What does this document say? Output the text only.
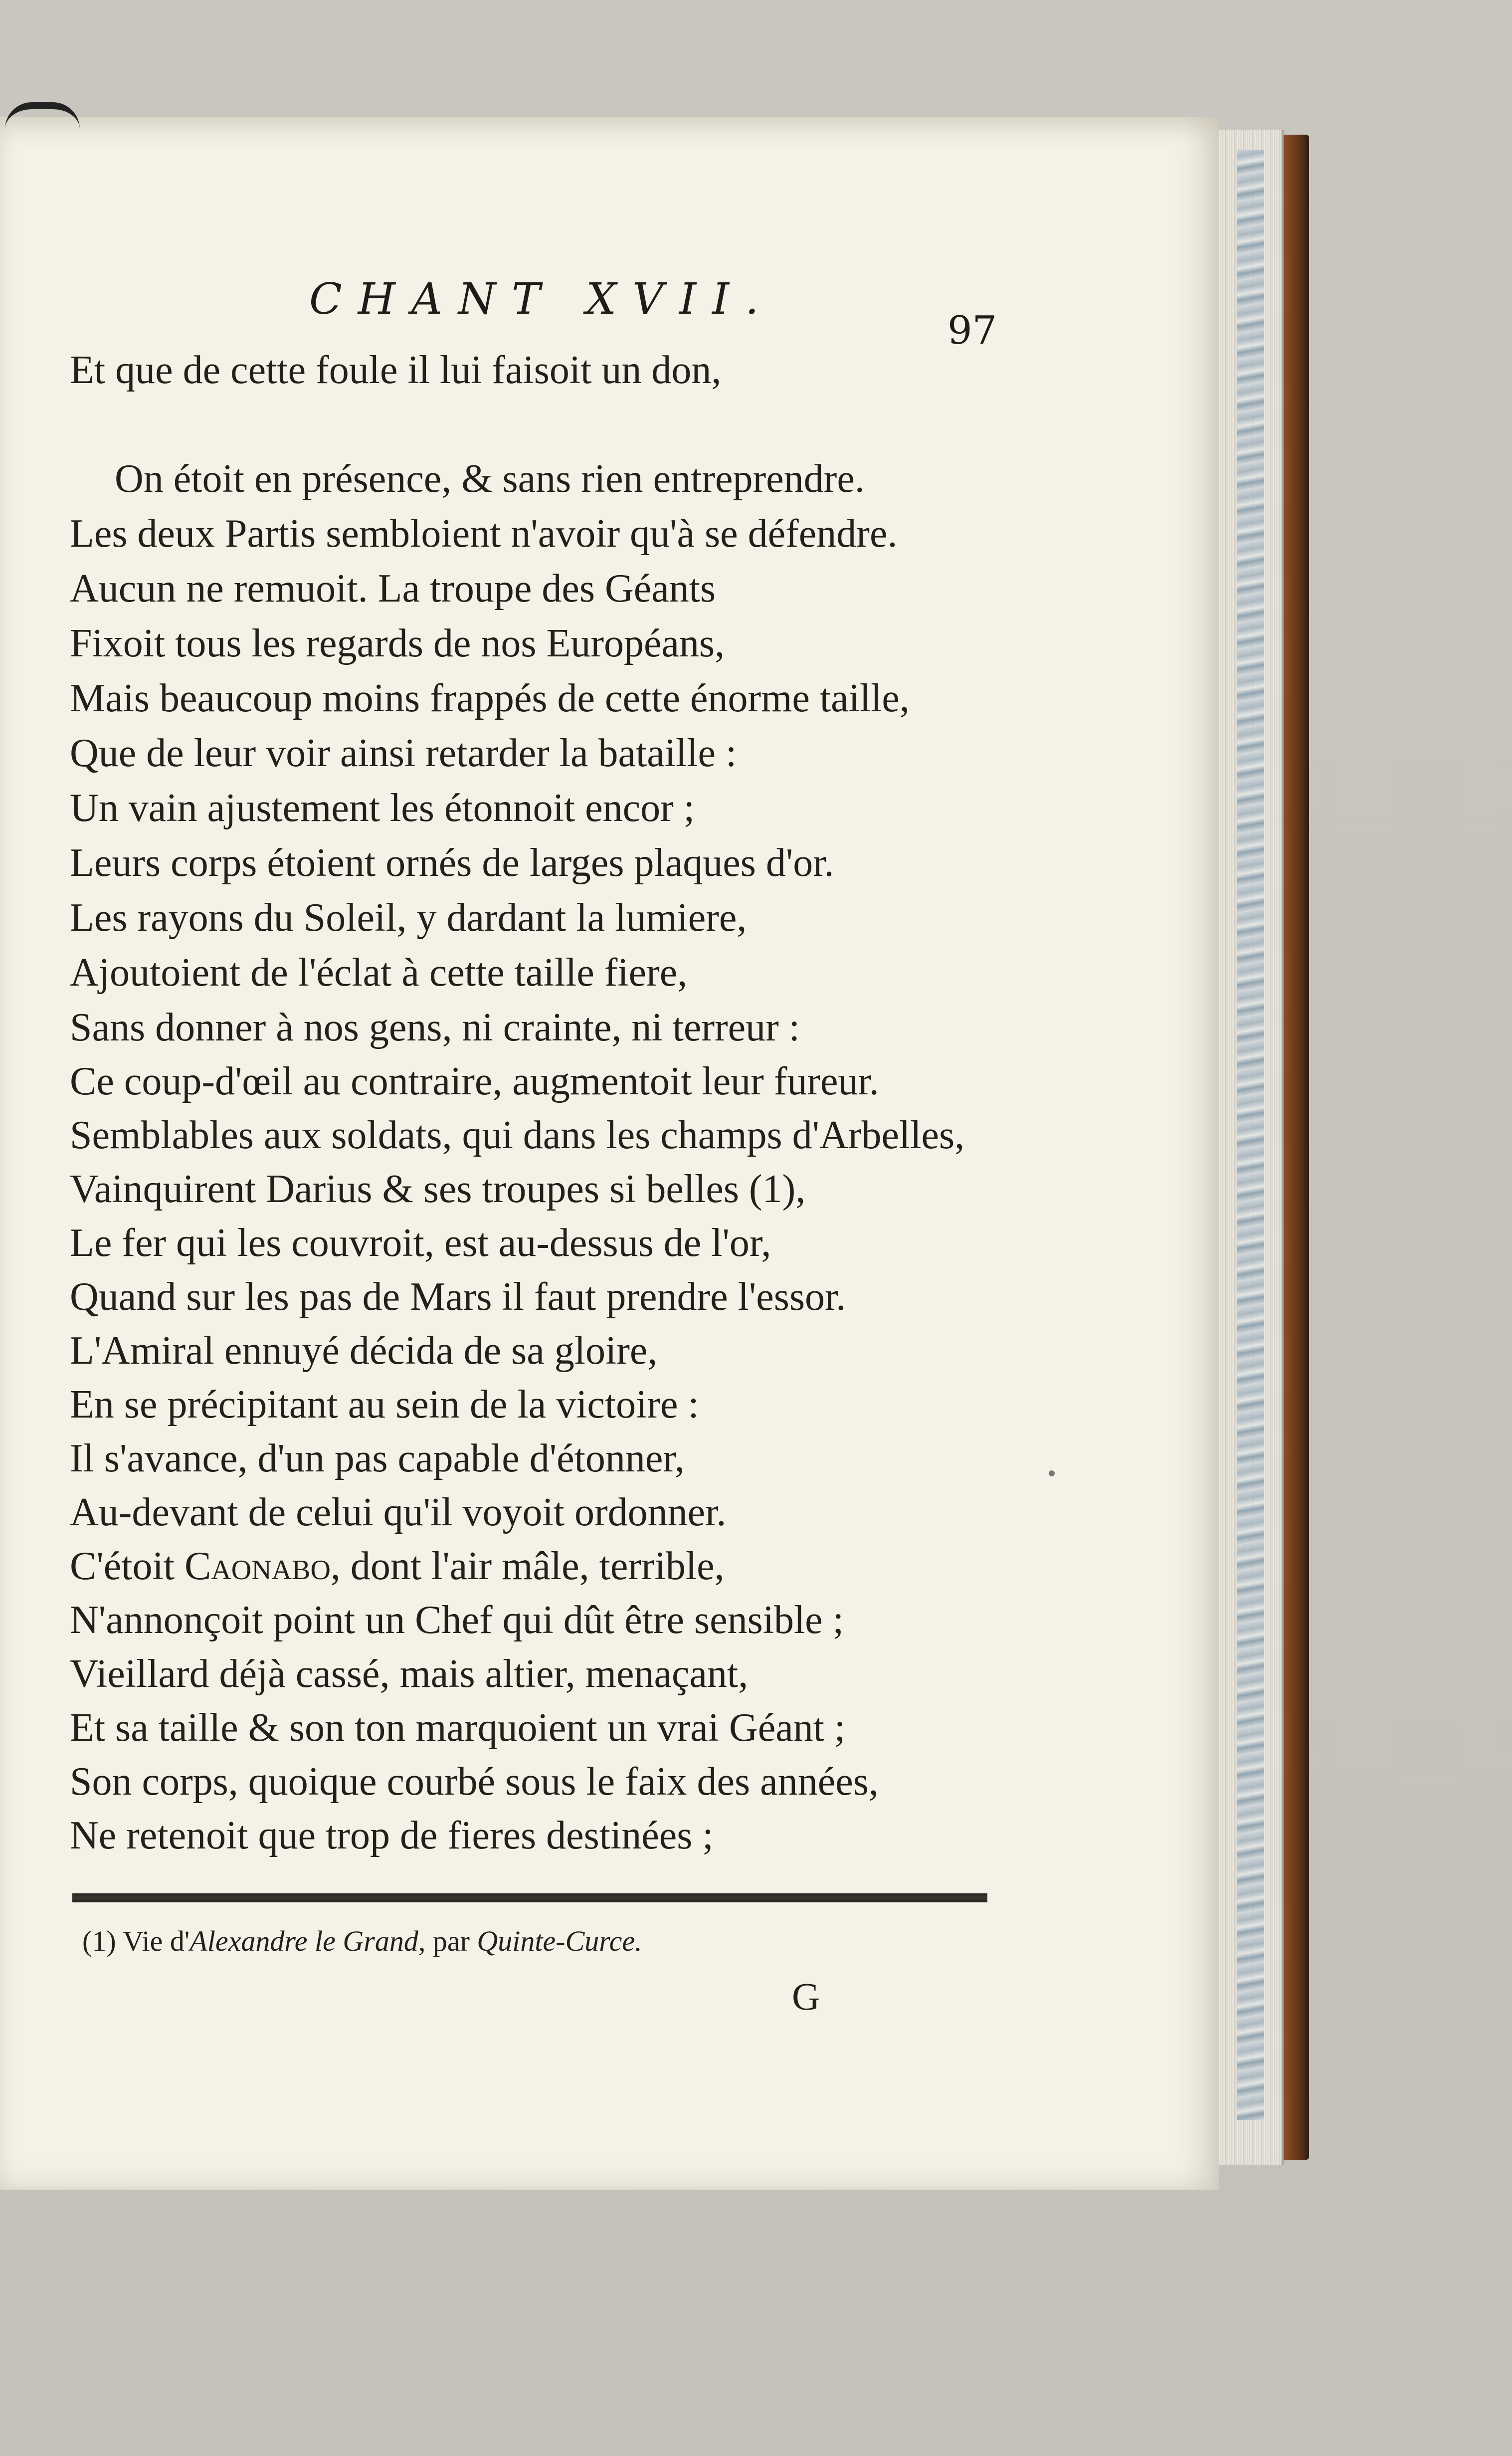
CHANT XVII.
97
Et que de cette foule il lui faisoit un don,
On étoit en présence, & sans rien entreprendre.
Les deux Partis sembloient n'avoir qu'à se défendre.
Aucun ne remuoit. La troupe des Géants
Fixoit tous les regards de nos Européans,
Mais beaucoup moins frappés de cette énorme taille,
Que de leur voir ainsi retarder la bataille :
Un vain ajustement les étonnoit encor ;
Leurs corps étoient ornés de larges plaques d'or.
Les rayons du Soleil, y dardant la lumiere,
Ajoutoient de l'éclat à cette taille fiere,
Sans donner à nos gens, ni crainte, ni terreur :
Ce coup-d'œil au contraire, augmentoit leur fureur.
Semblables aux soldats, qui dans les champs d'Arbelles,
Vainquirent Darius & ses troupes si belles (1),
Le fer qui les couvroit, est au-dessus de l'or,
Quand sur les pas de Mars il faut prendre l'essor.
L'Amiral ennuyé décida de sa gloire,
En se précipitant au sein de la victoire :
Il s'avance, d'un pas capable d'étonner,
Au-devant de celui qu'il voyoit ordonner.
C'étoit Caonabo, dont l'air mâle, terrible,
N'annonçoit point un Chef qui dût être sensible ;
Vieillard déjà cassé, mais altier, menaçant,
Et sa taille & son ton marquoient un vrai Géant ;
Son corps, quoique courbé sous le faix des années,
Ne retenoit que trop de fieres destinées ;
(1) Vie d'Alexandre le Grand, par Quinte-Curce.
G
